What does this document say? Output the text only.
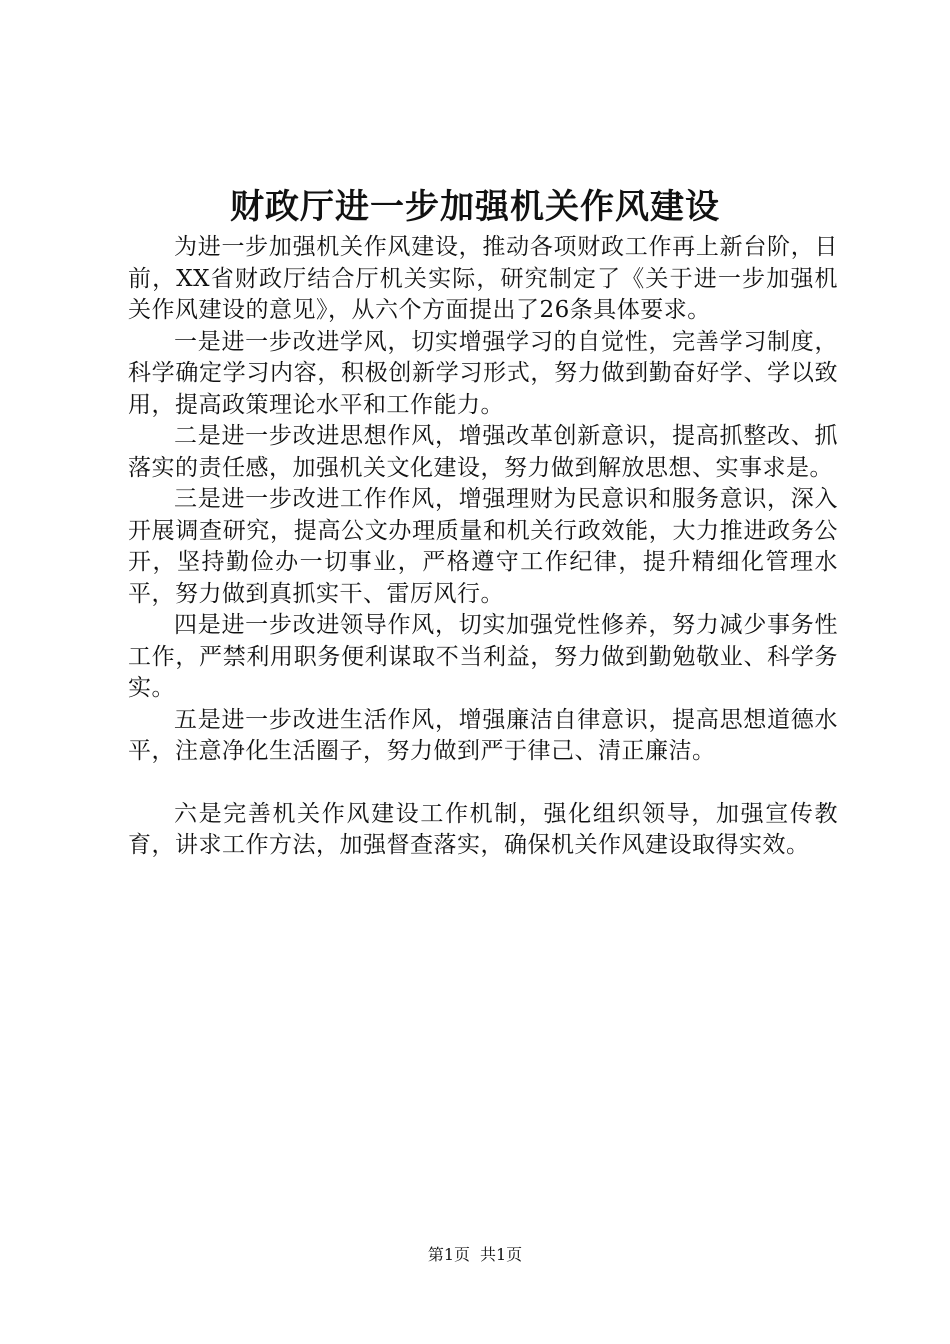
财政厅进一步加强机关作风建设

为进一步加强机关作风建设，推动各项财政工作再上新台阶，日前，XX省财政厅结合厅机关实际，研究制定了《关于进一步加强机关作风建设的意见》，从六个方面提出了26条具体要求。

一是进一步改进学风，切实增强学习的自觉性，完善学习制度，科学确定学习内容，积极创新学习形式，努力做到勤奋好学、学以致用，提高政策理论水平和工作能力。

二是进一步改进思想作风，增强改革创新意识，提高抓整改、抓落实的责任感，加强机关文化建设，努力做到解放思想、实事求是。

三是进一步改进工作作风，增强理财为民意识和服务意识，深入开展调查研究，提高公文办理质量和机关行政效能，大力推进政务公开，坚持勤俭办一切事业，严格遵守工作纪律，提升精细化管理水平，努力做到真抓实干、雷厉风行。

四是进一步改进领导作风，切实加强党性修养，努力减少事务性工作，严禁利用职务便利谋取不当利益，努力做到勤勉敬业、科学务实。

五是进一步改进生活作风，增强廉洁自律意识，提高思想道德水平，注意净化生活圈子，努力做到严于律己、清正廉洁。

六是完善机关作风建设工作机制，强化组织领导，加强宣传教育，讲求工作方法，加强督查落实，确保机关作风建设取得实效。

第1页 共1页
